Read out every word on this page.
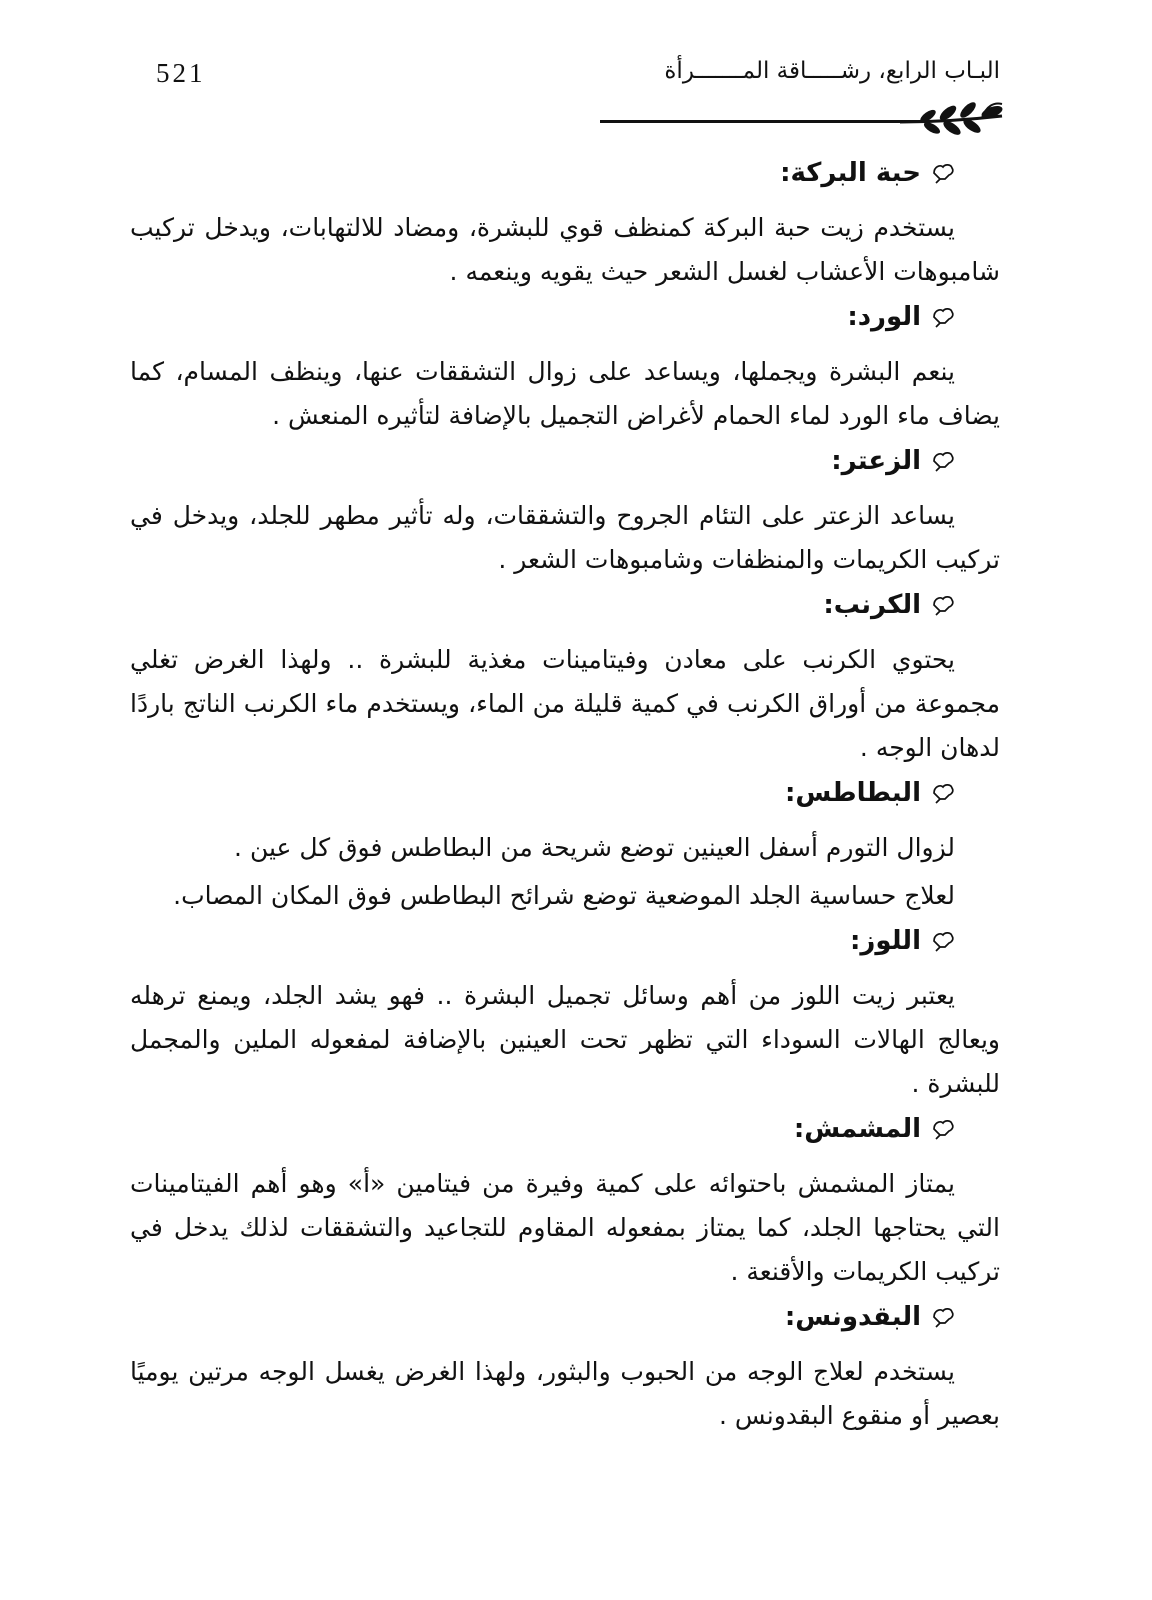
521	البـاب الرابع، رشـــــاقة المـــــــرأة
حبة البركة:

يستخدم زيت حبة البركة كمنظف قوي للبشرة، ومضاد للالتهابات، ويدخل تركيب شامبوهات الأعشاب لغسل الشعر حيث يقويه وينعمه .

الورد:

ينعم البشرة ويجملها، ويساعد على زوال التشققات عنها، وينظف المسام، كما يضاف ماء الورد لماء الحمام لأغراض التجميل بالإضافة لتأثيره المنعش .

الزعتر:

يساعد الزعتر على التئام الجروح والتشققات، وله تأثير مطهر للجلد، ويدخل في تركيب الكريمات والمنظفات وشامبوهات الشعر .

الكرنب:

يحتوي الكرنب على معادن وفيتامينات مغذية للبشرة .. ولهذا الغرض تغلي مجموعة من أوراق الكرنب في كمية قليلة من الماء، ويستخدم ماء الكرنب الناتج باردًا لدهان الوجه .

البطاطس:

لزوال التورم أسفل العينين توضع شريحة من البطاطس فوق كل عين .

لعلاج حساسية الجلد الموضعية توضع شرائح البطاطس فوق المكان المصاب.

اللوز:

يعتبر زيت اللوز من أهم وسائل تجميل البشرة .. فهو يشد الجلد، ويمنع ترهله ويعالج الهالات السوداء التي تظهر تحت العينين بالإضافة لمفعوله الملين والمجمل للبشرة .

المشمش:

يمتاز المشمش باحتوائه على كمية وفيرة من فيتامين «أ» وهو أهم الفيتامينات التي يحتاجها الجلد، كما يمتاز بمفعوله المقاوم للتجاعيد والتشققات لذلك يدخل في تركيب الكريمات والأقنعة .

البقدونس:

يستخدم لعلاج الوجه من الحبوب والبثور، ولهذا الغرض يغسل الوجه مرتين يوميًا بعصير أو منقوع البقدونس .
